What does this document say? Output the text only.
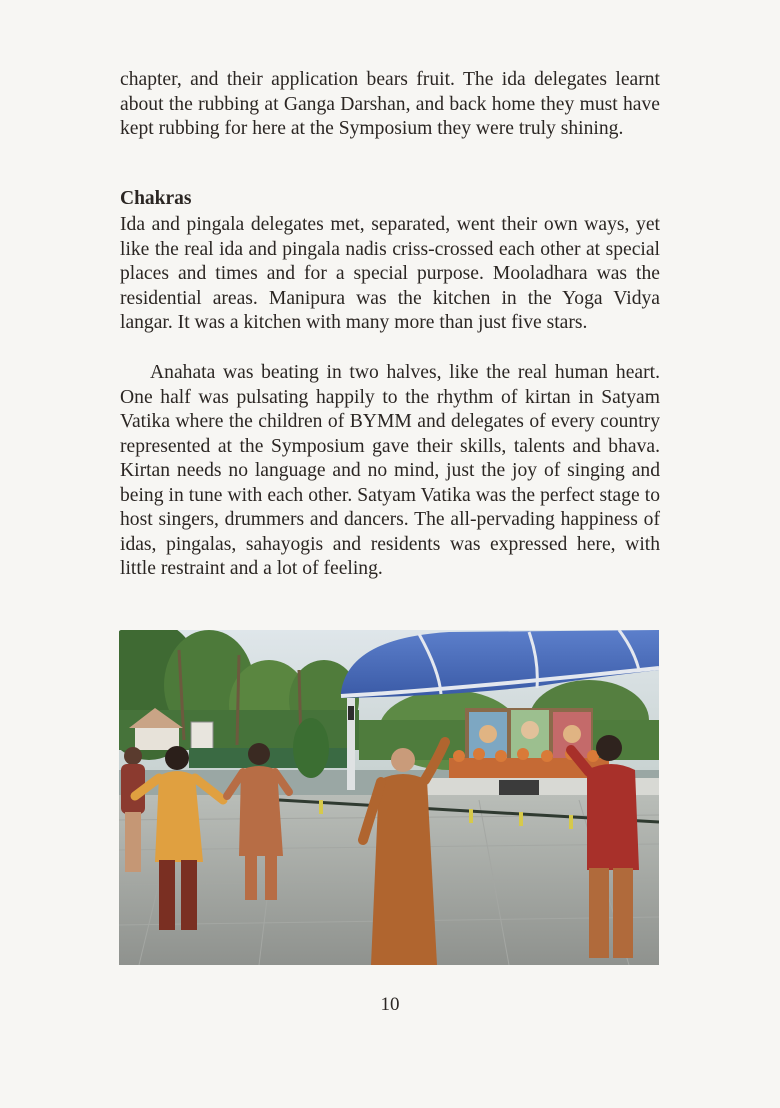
chapter, and their application bears fruit. The ida delegates learnt about the rubbing at Ganga Darshan, and back home they must have kept rubbing for here at the Symposium they were truly shining.

Chakras

Ida and pingala delegates met, separated, went their own ways, yet like the real ida and pingala nadis criss-crossed each other at special places and times and for a special purpose. Mooladhara was the residential areas. Manipura was the kitchen in the Yoga Vidya langar. It was a kitchen with many more than just five stars.

Anahata was beating in two halves, like the real human heart. One half was pulsating happily to the rhythm of kirtan in Satyam Vatika where the children of BYMM and delegates of every country represented at the Symposium gave their skills, talents and bhava. Kirtan needs no language and no mind, just the joy of singing and being in tune with each other. Satyam Vatika was the perfect stage to host singers, drummers and dancers. The all-pervading happiness of idas, pingalas, sahayogis and residents was expressed here, with little restraint and a lot of feeling.

10
